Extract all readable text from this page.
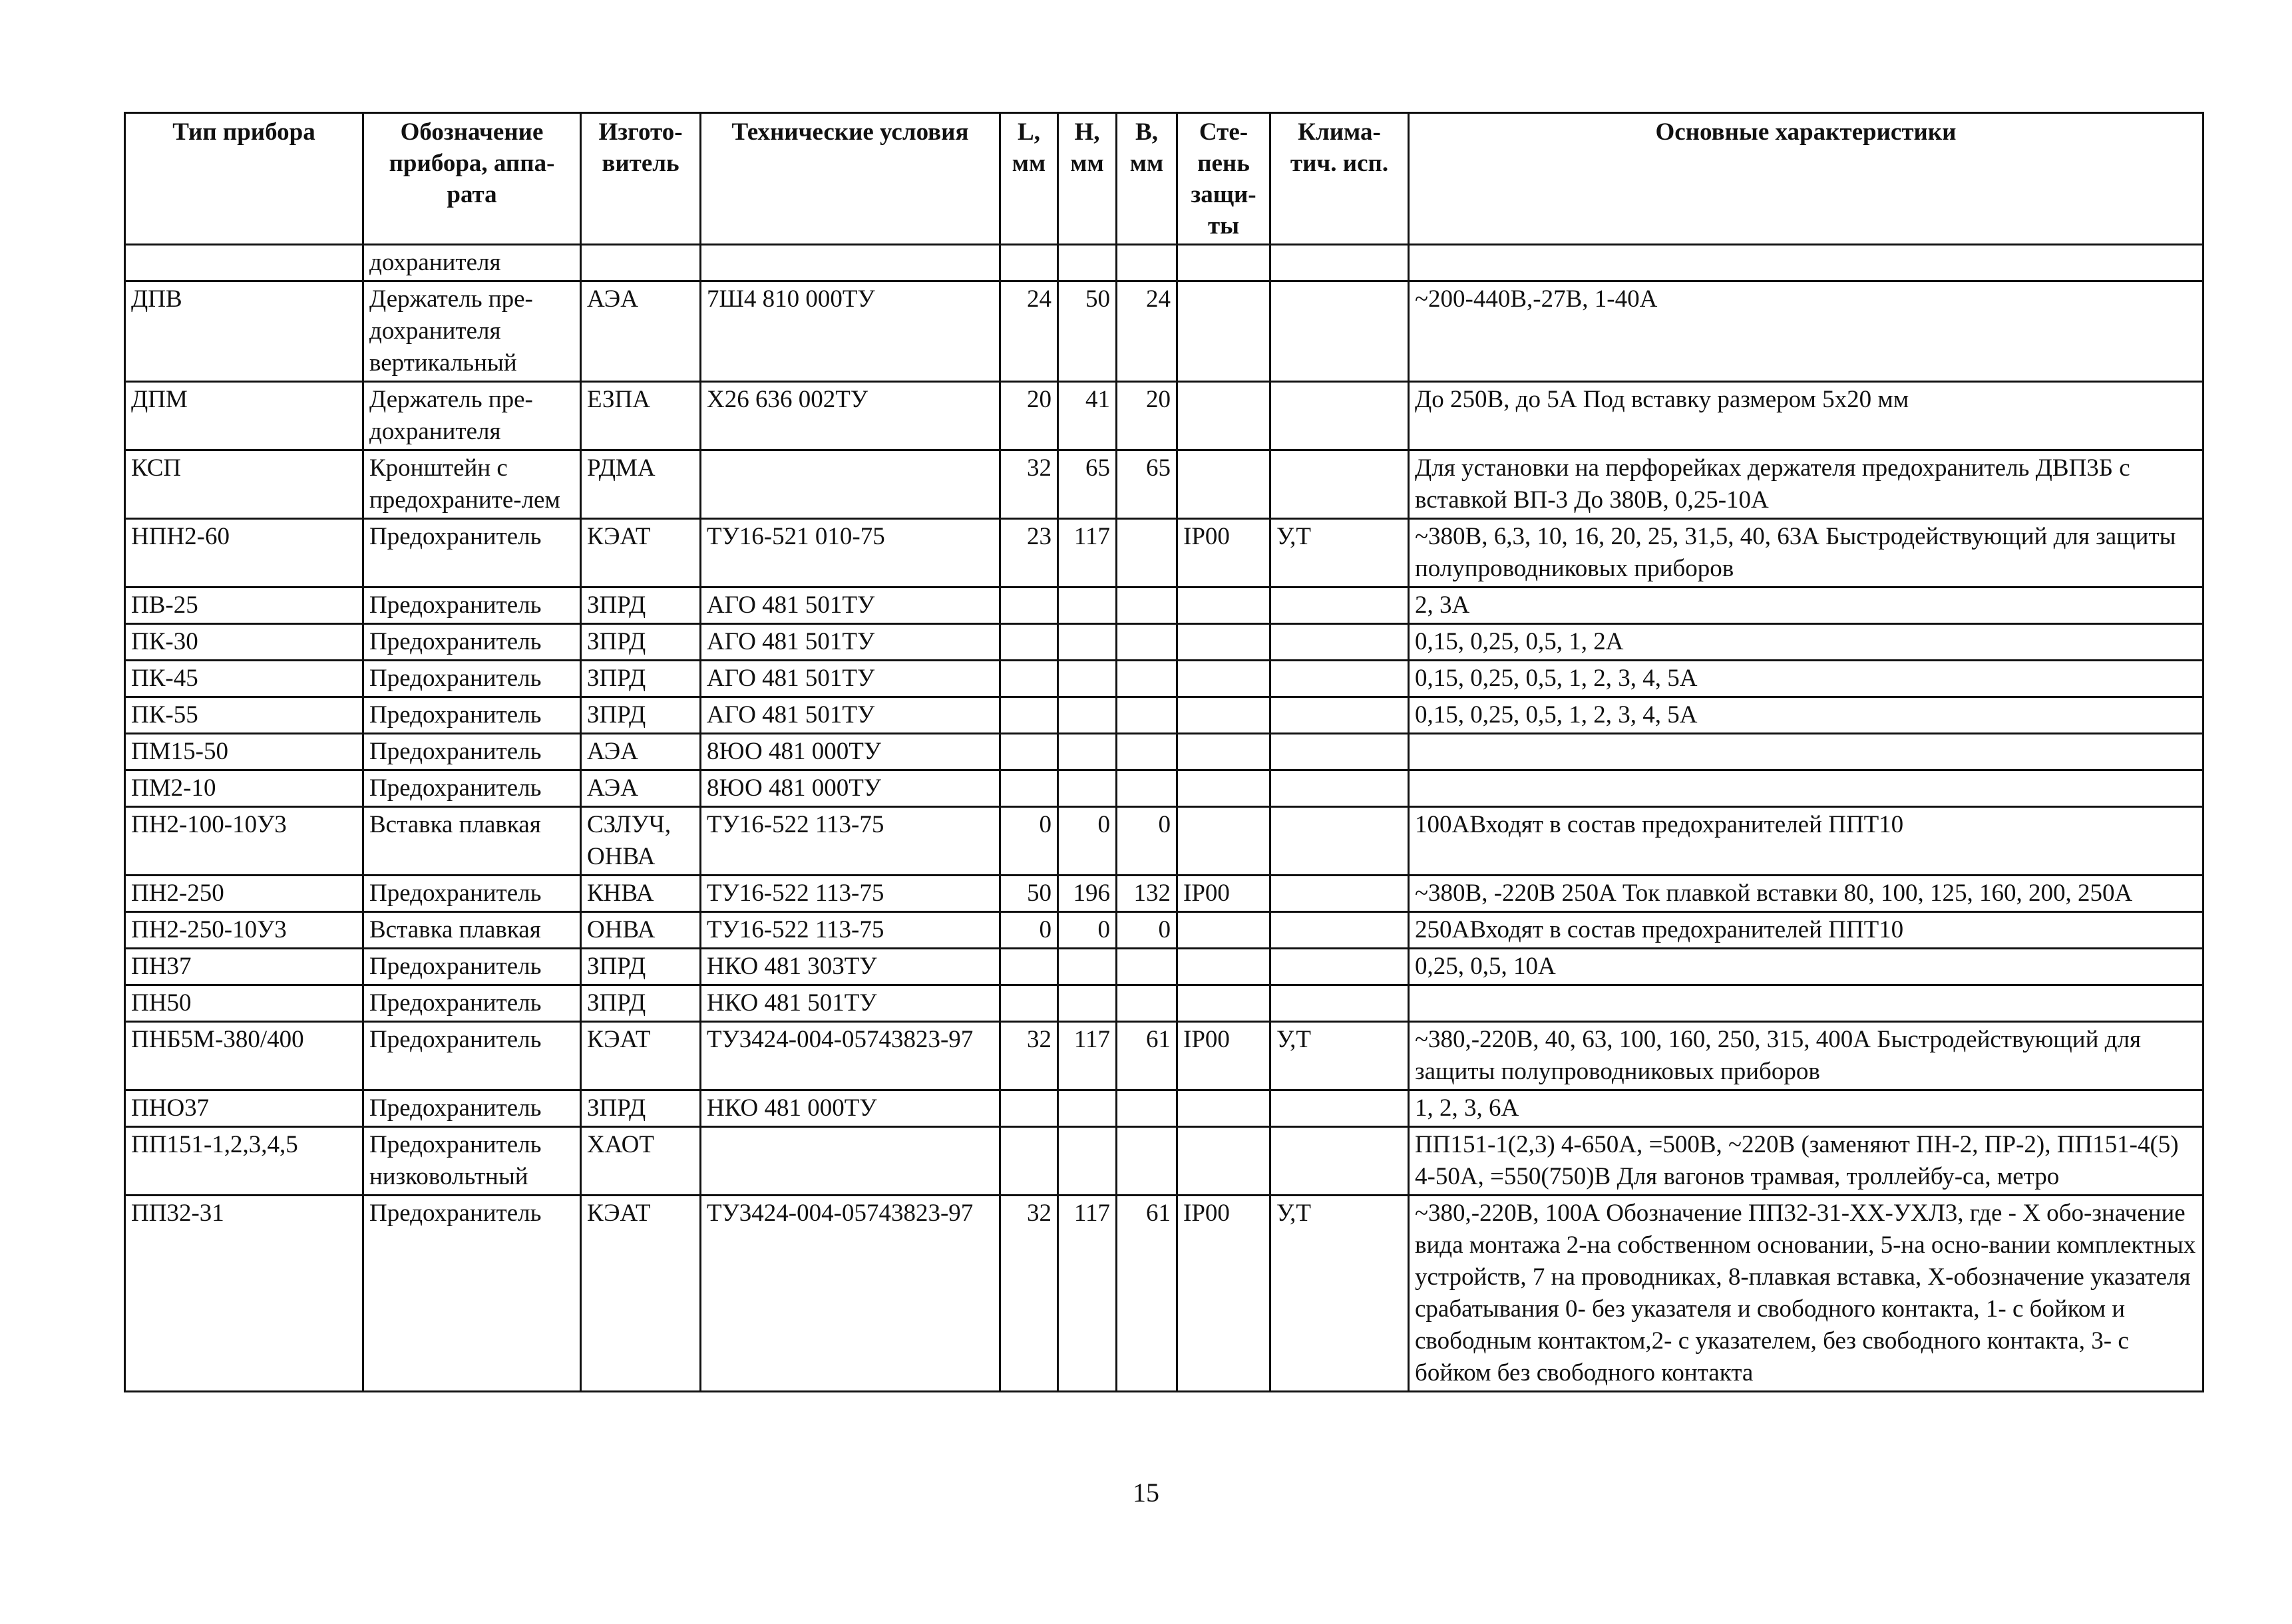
Тип прибора	Обозначение прибора, аппа-рата	Изгото-витель	Технические условия	L, мм	H, мм	B, мм	Сте-пень защи-ты	Клима-тич. исп.	Основные характеристики
	дохранителя								
ДПВ	Держатель пре-дохранителя вертикальный	АЭА	7Ш4 810 000ТУ	24	50	24			~200-440В,-27В, 1-40А
ДПМ	Держатель пре-дохранителя	ЕЗПА	Х26 636 002ТУ	20	41	20			До 250В, до 5А Под вставку размером 5х20 мм
КСП	Кронштейн с предохраните-лем	РДМА		32	65	65			Для установки на перфорейках держателя предохранитель ДВП3Б с вставкой ВП-3 До 380В, 0,25-10А
НПН2-60	Предохранитель	КЭАТ	ТУ16-521 010-75	23	117		IP00	У,Т	~380В, 6,3, 10, 16, 20, 25, 31,5, 40, 63А Быстродействующий для защиты полупроводниковых приборов
ПВ-25	Предохранитель	ЗПРД	АГО 481 501ТУ						2, 3А
ПК-30	Предохранитель	ЗПРД	АГО 481 501ТУ						0,15, 0,25, 0,5, 1, 2А
ПК-45	Предохранитель	ЗПРД	АГО 481 501ТУ						0,15, 0,25, 0,5, 1, 2, 3, 4, 5А
ПК-55	Предохранитель	ЗПРД	АГО 481 501ТУ						0,15, 0,25, 0,5, 1, 2, 3, 4, 5А
ПМ15-50	Предохранитель	АЭА	8ЮО 481 000ТУ						
ПМ2-10	Предохранитель	АЭА	8ЮО 481 000ТУ						
ПН2-100-10У3	Вставка плавкая	СЗЛУЧ, ОНВА	ТУ16-522 113-75	0	0	0			100АВходят в состав предохранителей ППТ10
ПН2-250	Предохранитель	КНВА	ТУ16-522 113-75	50	196	132	IP00		~380В, -220В 250А Ток плавкой вставки 80, 100, 125, 160, 200, 250А
ПН2-250-10У3	Вставка плавкая	ОНВА	ТУ16-522 113-75	0	0	0			250АВходят в состав предохранителей ППТ10
ПН37	Предохранитель	ЗПРД	НКО 481 303ТУ						0,25, 0,5, 10А
ПН50	Предохранитель	ЗПРД	НКО 481 501ТУ						
ПНБ5М-380/400	Предохранитель	КЭАТ	ТУ3424-004-05743823-97	32	117	61	IP00	У,Т	~380,-220В, 40, 63, 100, 160, 250, 315, 400А Быстродействующий для защиты полупроводниковых приборов
ПНО37	Предохранитель	ЗПРД	НКО 481 000ТУ						1, 2, 3, 6А
ПП151-1,2,3,4,5	Предохранитель низковольтный	ХАОТ							ПП151-1(2,3) 4-650А, =500В, ~220В (заменяют ПН-2, ПР-2), ПП151-4(5) 4-50А, =550(750)В Для вагонов трамвая, троллейбу-са, метро
ПП32-31	Предохранитель	КЭАТ	ТУ3424-004-05743823-97	32	117	61	IP00	У,Т	~380,-220В, 100А Обозначение ПП32-31-ХХ-УХЛ3, где - Х обо-значение вида монтажа 2-на собственном основании, 5-на осно-вании комплектных устройств, 7 на проводниках, 8-плавкая вставка, Х-обозначение указателя срабатывания 0- без указателя и свободного контакта, 1- с бойком и свободным контактом,2- с указателем, без свободного контакта, 3- с бойком без свободного контакта
15
